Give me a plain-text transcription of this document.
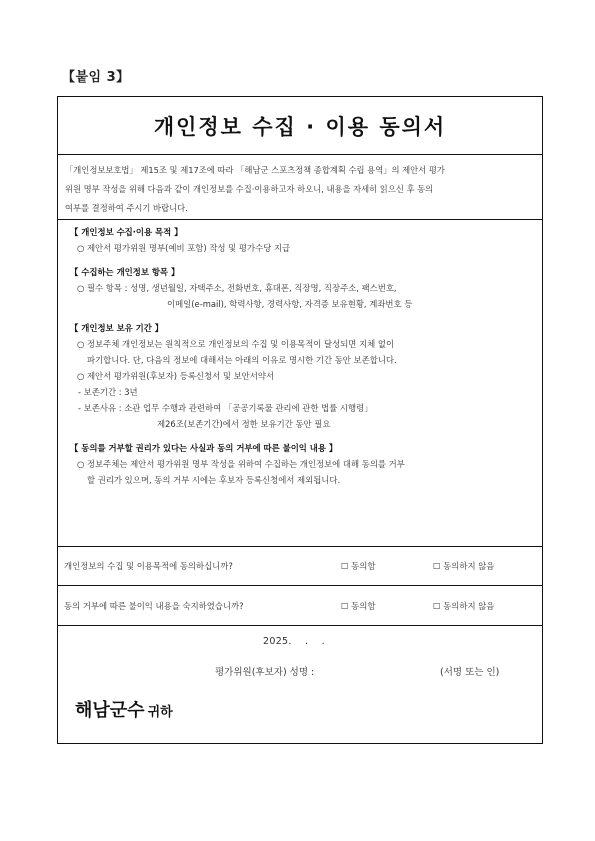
【붙임 3】
개인정보 수집 · 이용 동의서
「개인정보보호법」 제15조 및 제17조에 따라 「해남군 스포츠정책 종합계획 수립 용역」의 제안서 평가
위원 명부 작성을 위해 다음과 같이 개인정보를 수집·이용하고자 하오니, 내용을 자세히 읽으신 후 동의
여부를 결정하여 주시기 바랍니다.
【 개인정보 수집·이용 목적 】
○ 제안서 평가위원 명부(예비 포함) 작성 및 평가수당 지급
【 수집하는 개인정보 항목 】
○ 필수 항목 : 성명, 생년월일, 자택주소, 전화번호, 휴대폰, 직장명, 직장주소, 팩스번호,
이메일(e-mail), 학력사항, 경력사항, 자격증 보유현황, 계좌번호 등
【 개인정보 보유 기간 】
○ 정보주체 개인정보는 원칙적으로 개인정보의 수집 및 이용목적이 달성되면 지체 없이
파기합니다. 단, 다음의 정보에 대해서는 아래의 이유로 명시한 기간 동안 보존합니다.
○ 제안서 평가위원(후보자) 등록신청서 및 보안서약서
- 보존기간 : 3년
- 보존사유 : 소관 업무 수행과 관련하여 「공공기록물 관리에 관한 법률 시행령」
제26조(보존기간)에서 정한 보유기간 동안 필요
【 동의를 거부할 권리가 있다는 사실과 동의 거부에 따른 불이익 내용 】
○ 정보주체는 제안서 평가위원 명부 작성을 위하여 수집하는 개인정보에 대해 동의를 거부
할 권리가 있으며, 동의 거부 시에는 후보자 등록신청에서 제외됩니다.
개인정보의 수집 및 이용목적에 동의하십니까?	☐ 동의함	☐ 동의하지 않음
동의 거부에 따른 불이익 내용을 숙지하였습니까?	☐ 동의함	☐ 동의하지 않음
2025.    .    .
평가위원(후보자) 성명 :	(서명 또는 인)
해남군수 귀하
